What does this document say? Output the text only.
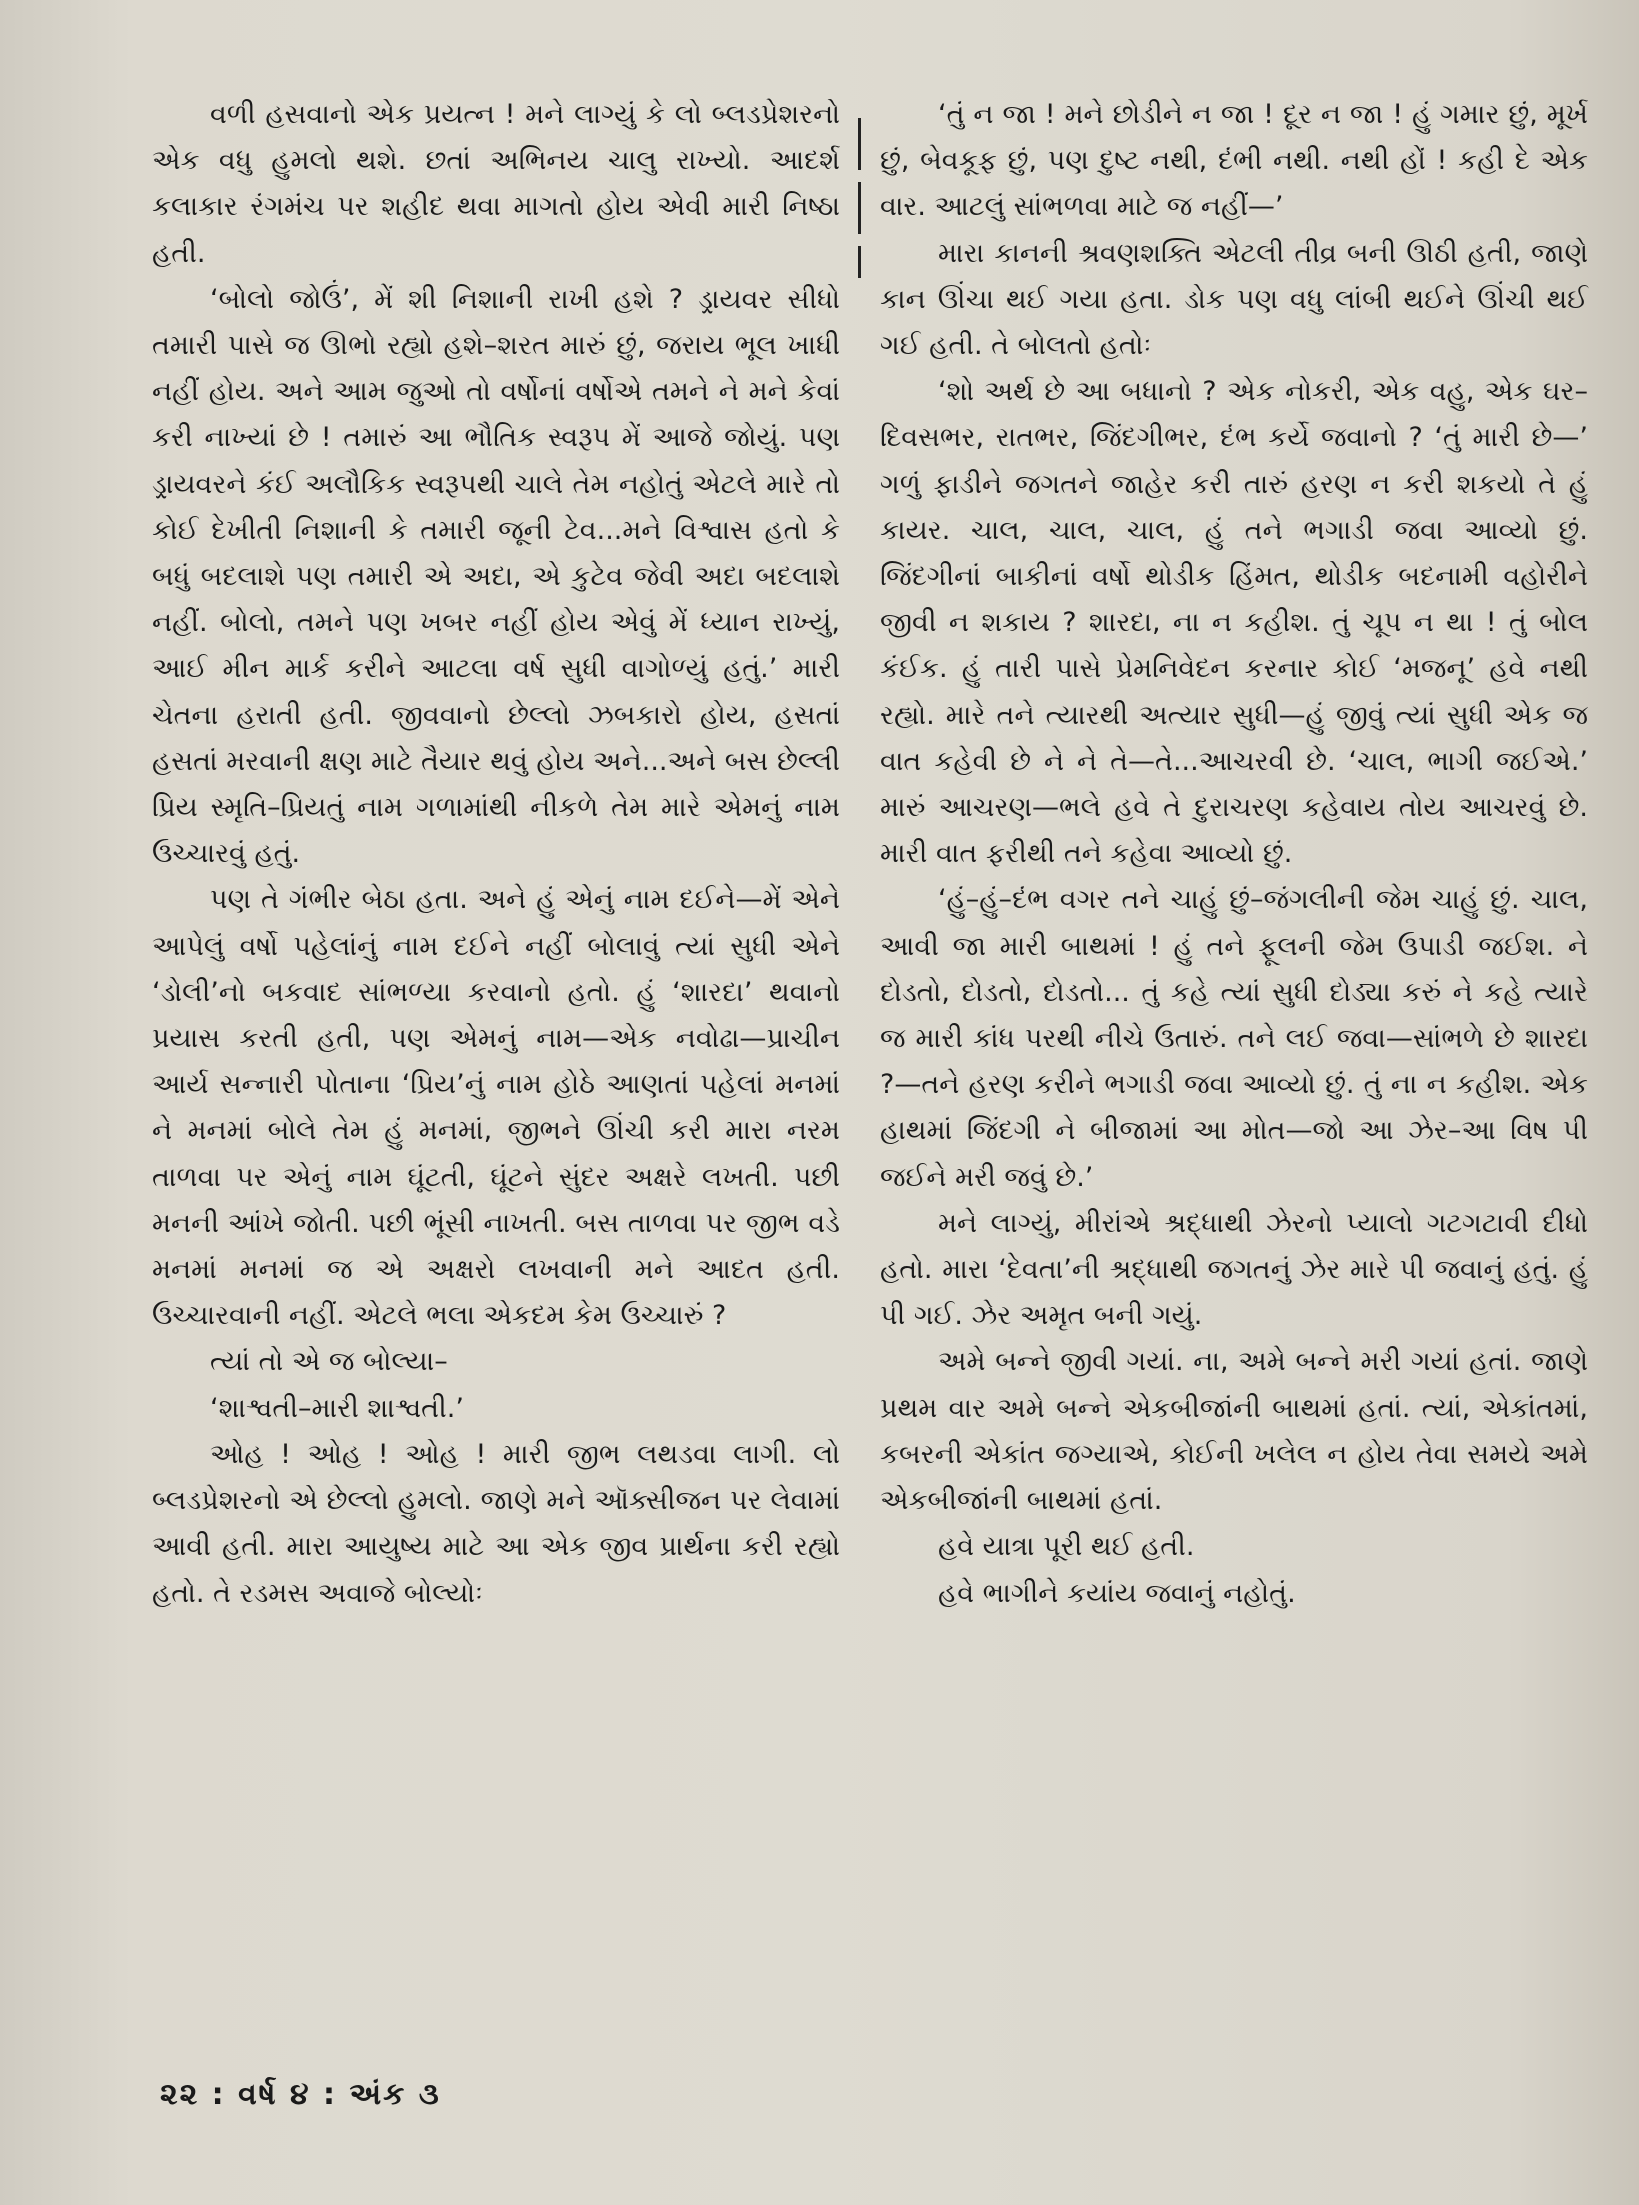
વળી હસવાનો એક પ્રયત્ન ! મને લાગ્યું કે લો બ્લડપ્રેશરનો એક વધુ હુમલો થશે. છતાં અભિનય ચાલુ રાખ્યો. આદર્શ કલાકાર રંગમંચ પર શહીદ થવા માગતો હોય એવી મારી નિષ્ઠા હતી.

‘બોલો જોઉં’, મેં શી નિશાની રાખી હશે ? ડ્રાયવર સીધો તમારી પાસે જ ઊભો રહ્યો હશે–શરત મારું છું, જરાય ભૂલ ખાધી નહીં હોય. અને આમ જુઓ તો વર્ષોનાં વર્ષોએ તમને ને મને કેવાં કરી નાખ્યાં છે ! તમારું આ ભૌતિક સ્વરૂપ મેં આજે જોયું. પણ ડ્રાયવરને કંઈ અલૌકિક સ્વરૂપથી ચાલે તેમ નહોતું એટલે મારે તો કોઈ દેખીતી નિશાની કે તમારી જૂની ટેવ...મને વિશ્વાસ હતો કે બધું બદલાશે પણ તમારી એ અદા, એ કુટેવ જેવી અદા બદલાશે નહીં. બોલો, તમને પણ ખબર નહીં હોય એવું મેં ધ્યાન રાખ્યું, આઈ મીન માર્ક કરીને આટલા વર્ષ સુધી વાગોળ્યું હતું.’ મારી ચેતના હરાતી હતી. જીવવાનો છેલ્લો ઝબકારો હોય, હસતાં હસતાં મરવાની ક્ષણ માટે તૈયાર થવું હોય અને...અને બસ છેલ્લી પ્રિય સ્મૃતિ–પ્રિયતું નામ ગળામાંથી નીકળે તેમ મારે એમનું નામ ઉચ્ચારવું હતું.

પણ તે ગંભીર બેઠા હતા. અને હું એનું નામ દઈને—મેં એને આપેલું વર્ષો પહેલાંનું નામ દઈને નહીં બોલાવું ત્યાં સુધી એને ‘ડોલી’નો બકવાદ સાંભળ્યા કરવાનો હતો. હું ‘શારદા’ થવાનો પ્રયાસ કરતી હતી, પણ એમનું નામ—એક નવોઢા—પ્રાચીન આર્ય સન્નારી પોતાના ‘પ્રિય’નું નામ હોઠે આણતાં પહેલાં મનમાં ને મનમાં બોલે તેમ હું મનમાં, જીભને ઊંચી કરી મારા નરમ તાળવા પર એનું નામ ઘૂંટતી, ઘૂંટને સુંદર અક્ષરે લખતી. પછી મનની આંખે જોતી. પછી ભૂંસી નાખતી. બસ તાળવા પર જીભ વડે મનમાં મનમાં જ એ અક્ષરો લખવાની મને આદત હતી. ઉચ્ચારવાની નહીં. એટલે ભલા એકદમ કેમ ઉચ્ચારું ?

ત્યાં તો એ જ બોલ્યા–

‘શાશ્વતી–મારી શાશ્વતી.’

ઓહ ! ઓહ ! ઓહ ! મારી જીભ લથડવા લાગી. લો બ્લડપ્રેશરનો એ છેલ્લો હુમલો. જાણે મને ઑક્સીજન પર લેવામાં આવી હતી. મારા આયુષ્ય માટે આ એક જીવ પ્રાર્થના કરી રહ્યો હતો. તે રડમસ અવાજે બોલ્યોઃ

‘તું ન જા ! મને છોડીને ન જા ! દૂર ન જા ! હું ગમાર છું, મૂર્ખ છું, બેવકૂફ છું, પણ દુષ્ટ નથી, દંભી નથી. નથી હોં ! કહી દે એક વાર. આટલું સાંભળવા માટે જ નહીં—’

મારા કાનની શ્રવણશક્તિ એટલી તીવ્ર બની ઊઠી હતી, જાણે કાન ઊંચા થઈ ગયા હતા. ડોક પણ વધુ લાંબી થઈને ઊંચી થઈ ગઈ હતી. તે બોલતો હતોઃ

‘શો અર્થ છે આ બધાનો ? એક નોકરી, એક વહુ, એક ઘર–દિવસભર, રાતભર, જિંદગીભર, દંભ કર્યે જવાનો ? ‘તું મારી છે—’ ગળું ફાડીને જગતને જાહેર કરી તારું હરણ ન કરી શકયો તે હું કાયર. ચાલ, ચાલ, ચાલ, હું તને ભગાડી જવા આવ્યો છું. જિંદગીનાં બાકીનાં વર્ષો થોડીક હિંમત, થોડીક બદનામી વહોરીને જીવી ન શકાય ? શારદા, ના ન કહીશ. તું ચૂપ ન થા ! તું બોલ કંઈક. હું તારી પાસે પ્રેમનિવેદન કરનાર કોઈ ‘મજનૂ’ હવે નથી રહ્યો. મારે તને ત્યારથી અત્યાર સુધી—હું જીવું ત્યાં સુધી એક જ વાત કહેવી છે ને ને તે—તે...આચરવી છે. ‘ચાલ, ભાગી જઈએ.’ મારું આચરણ—ભલે હવે તે દુરાચરણ કહેવાય તોય આચરવું છે. મારી વાત ફરીથી તને કહેવા આવ્યો છું.

‘હું–હું–દંભ વગર તને ચાહું છું–જંગલીની જેમ ચાહું છું. ચાલ, આવી જા મારી બાથમાં ! હું તને ફૂલની જેમ ઉપાડી જઈશ. ને દોડતો, દોડતો, દોડતો... તું કહે ત્યાં સુધી દોડ્યા કરું ને કહે ત્યારે જ મારી કાંધ પરથી નીચે ઉતારું. તને લઈ જવા—સાંભળે છે શારદા ?—તને હરણ કરીને ભગાડી જવા આવ્યો છું. તું ના ન કહીશ. એક હાથમાં જિંદગી ને બીજામાં આ મોત—જો આ ઝેર–આ વિષ પી જઈને મરી જવું છે.’

મને લાગ્યું, મીરાંએ શ્રદ્ધાથી ઝેરનો પ્યાલો ગટગટાવી દીધો હતો. મારા ‘દેવતા’ની શ્રદ્ધાથી જગતનું ઝેર મારે પી જવાનું હતું. હું પી ગઈ. ઝેર અમૃત બની ગયું.

અમે બન્ને જીવી ગયાં. ના, અમે બન્ને મરી ગયાં હતાં. જાણે પ્રથમ વાર અમે બન્ને એકબીજાંની બાથમાં હતાં. ત્યાં, એકાંતમાં, કબરની એકાંત જગ્યાએ, કોઈની ખલેલ ન હોય તેવા સમયે અમે એકબીજાંની બાથમાં હતાં.

હવે યાત્રા પૂરી થઈ હતી.

હવે ભાગીને કયાંય જવાનું નહોતું.

૨૨ : વર્ષ ૪ : અંક ૩
